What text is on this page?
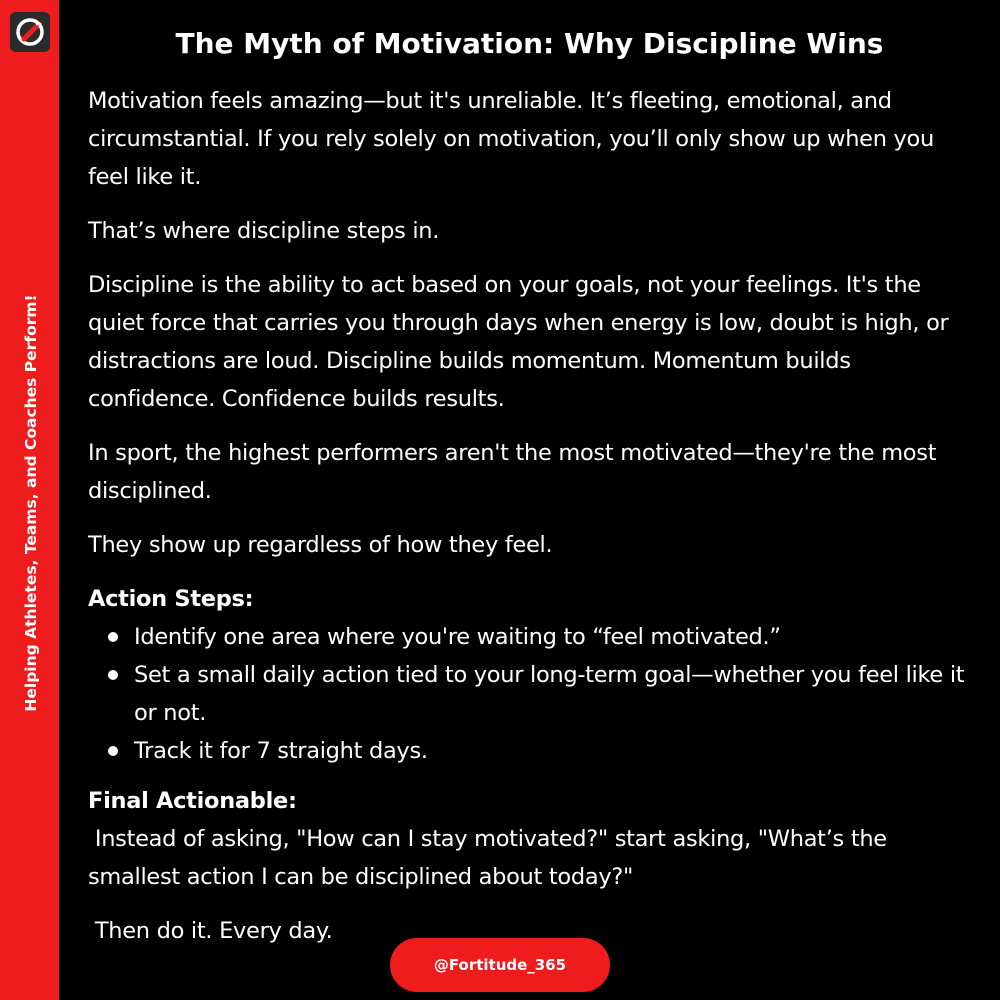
Helping Athletes, Teams, and Coaches Perform!
The Myth of Motivation: Why Discipline Wins

Motivation feels amazing—but it's unreliable. It’s fleeting, emotional, and circumstantial. If you rely solely on motivation, you’ll only show up when you feel like it.

That’s where discipline steps in.

Discipline is the ability to act based on your goals, not your feelings. It's the quiet force that carries you through days when energy is low, doubt is high, or distractions are loud. Discipline builds momentum. Momentum builds confidence. Confidence builds results.

In sport, the highest performers aren't the most motivated—they're the most disciplined.

They show up regardless of how they feel.

Action Steps:
Identify one area where you're waiting to “feel motivated.”
Set a small daily action tied to your long-term goal—whether you feel like it or not.
Track it for 7 straight days.
Final Actionable:

Instead of asking, "How can I stay motivated?" start asking, "What’s the smallest action I can be disciplined about today?"

Then do it. Every day.

@Fortitude_365
